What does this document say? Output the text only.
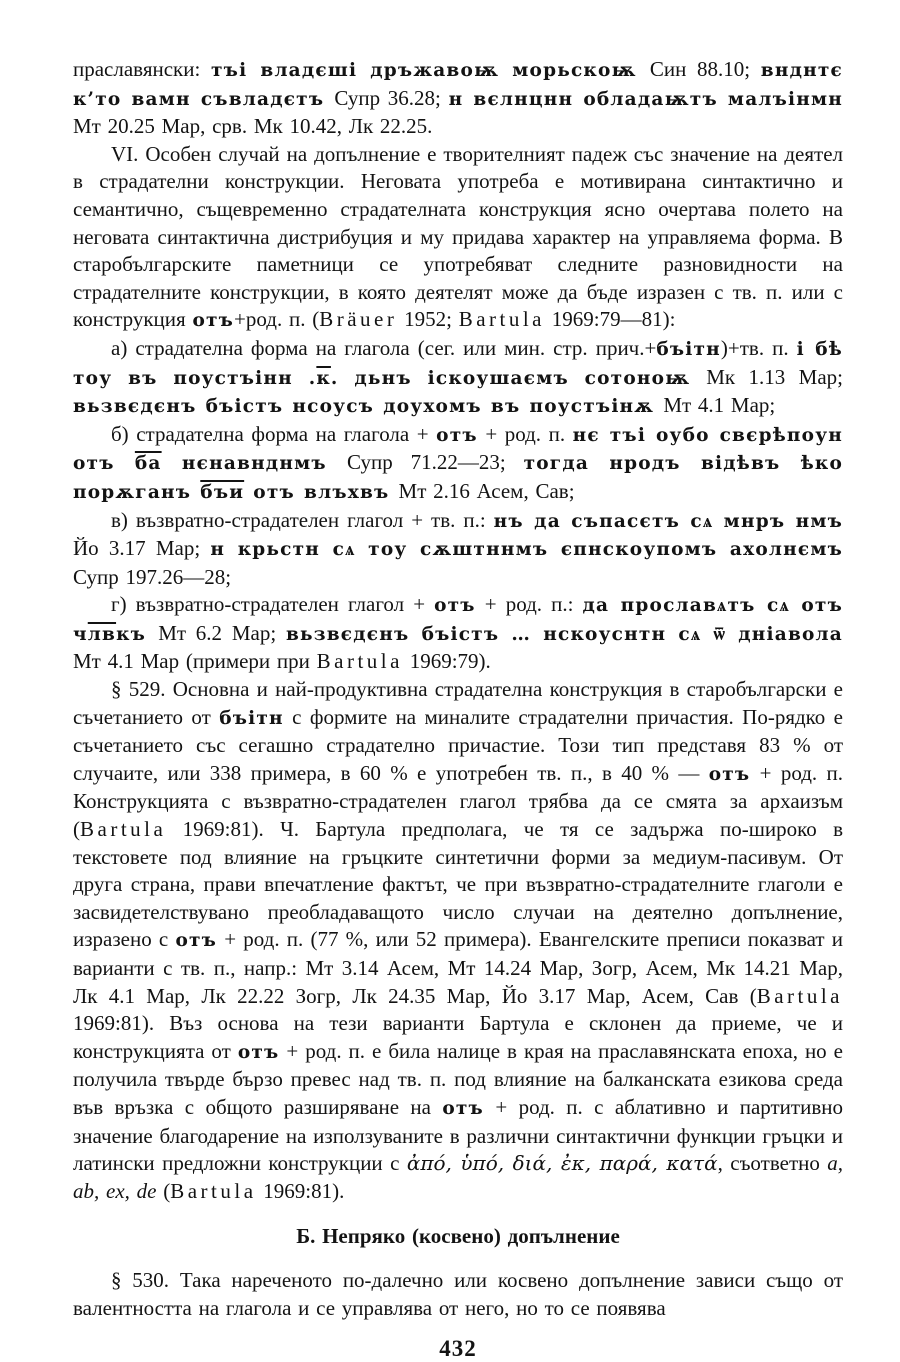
праславянски: тъі владєші дръжавоѭ морьскоѭ Син 88.10; внднтє к’то вамн съвладєтъ Супр 36.28; н вєлнцнн обладаѭтъ малъінмн Мт 20.25 Мар, срв. Мк 10.42, Лк 22.25.

VI. Особен случай на допълнение е творителният падеж със значение на деятел в страдателни конструкции. Неговата употреба е мотивирана синтактично и семантично, същевременно страдателната конструкция ясно очертава полето на неговата синтактична дистрибуция и му придава характер на управляема форма. В старобългарските паметници се употребяват следните разновидности на страдателните конструкции, в която деятелят може да бъде изразен с тв. п. или с конструкция отъ+род. п. (Bräuer 1952; Bartula 1969:79—81):

а) страдателна форма на глагола (сег. или мин. стр. прич.+бъітн)+тв. п. і бѣ тоу въ поустъінн .к. дьнъ іскоушаємъ сотоноѭ Мк 1.13 Мар; вьзвєдєнъ бъістъ нсоусъ доухомъ въ поустъінѫ Мт 4.1 Мар;

б) страдателна форма на глагола + отъ + род. п. нє тъі оубо свєрѣпоун отъ ба нєнавнднмъ Супр 71.22—23; тогда нродъ відѣвъ ѣко порѫганъ бъи отъ влъхвъ Мт 2.16 Асем, Сав;

в) възвратно-страдателен глагол + тв. п.: нъ да съпасєтъ сѧ мнръ нмъ Йо 3.17 Мар; н крьстн сѧ тоу сѫштннмъ єпнскоупомъ ахолнємъ Супр 197.26—28;

г) възвратно-страдателен глагол + отъ + род. п.: да прославѧтъ сѧ отъ члвкъ Мт 6.2 Мар; вьзвєдєнъ бъістъ … нскоуснтн сѧ ѿ дніавола Мт 4.1 Мар (примери при Bartula 1969:79).

§ 529. Основна и най-продуктивна страдателна конструкция в старобългарски е съчетанието от бъітн с формите на миналите страдателни причастия. По-рядко е съчетанието със сегашно страдателно причастие. Този тип представя 83 % от случаите, или 338 примера, в 60 % е употребен тв. п., в 40 % — отъ + род. п. Конструкцията с възвратно-страдателен глагол трябва да се смята за архаизъм (Bartula 1969:81). Ч. Бартула предполага, че тя се задържа по-широко в текстовете под влияние на гръцките синтетични форми за медиум-пасивум. От друга страна, прави впечатление фактът, че при възвратно-страдателните глаголи е засвидетелствувано преобладаващото число случаи на деятелно допълнение, изразено с отъ + род. п. (77 %, или 52 примера). Евангелските преписи показват и варианти с тв. п., напр.: Мт 3.14 Асем, Мт 14.24 Мар, Зогр, Асем, Мк 14.21 Мар, Лк 4.1 Мар, Лк 22.22 Зогр, Лк 24.35 Мар, Йо 3.17 Мар, Асем, Сав (Bartula 1969:81). Въз основа на тези варианти Бартула е склонен да приеме, че и конструкцията от отъ + род. п. е била налице в края на праславянската епоха, но е получила твърде бързо превес над тв. п. под влияние на балканската езикова среда във връзка с общото разширяване на отъ + род. п. с аблативно и партитивно значение благодарение на използуваните в различни синтактични функции гръцки и латински предложни конструкции с ἀπό, ὑπό, διά, ἐκ, παρά, κατά, съответно a, ab, ex, de (Bartula 1969:81).

Б. Непряко (косвено) допълнение

§ 530. Така нареченото по-далечно или косвено допълнение зависи също от валентността на глагола и се управлява от него, но то се появява

432
